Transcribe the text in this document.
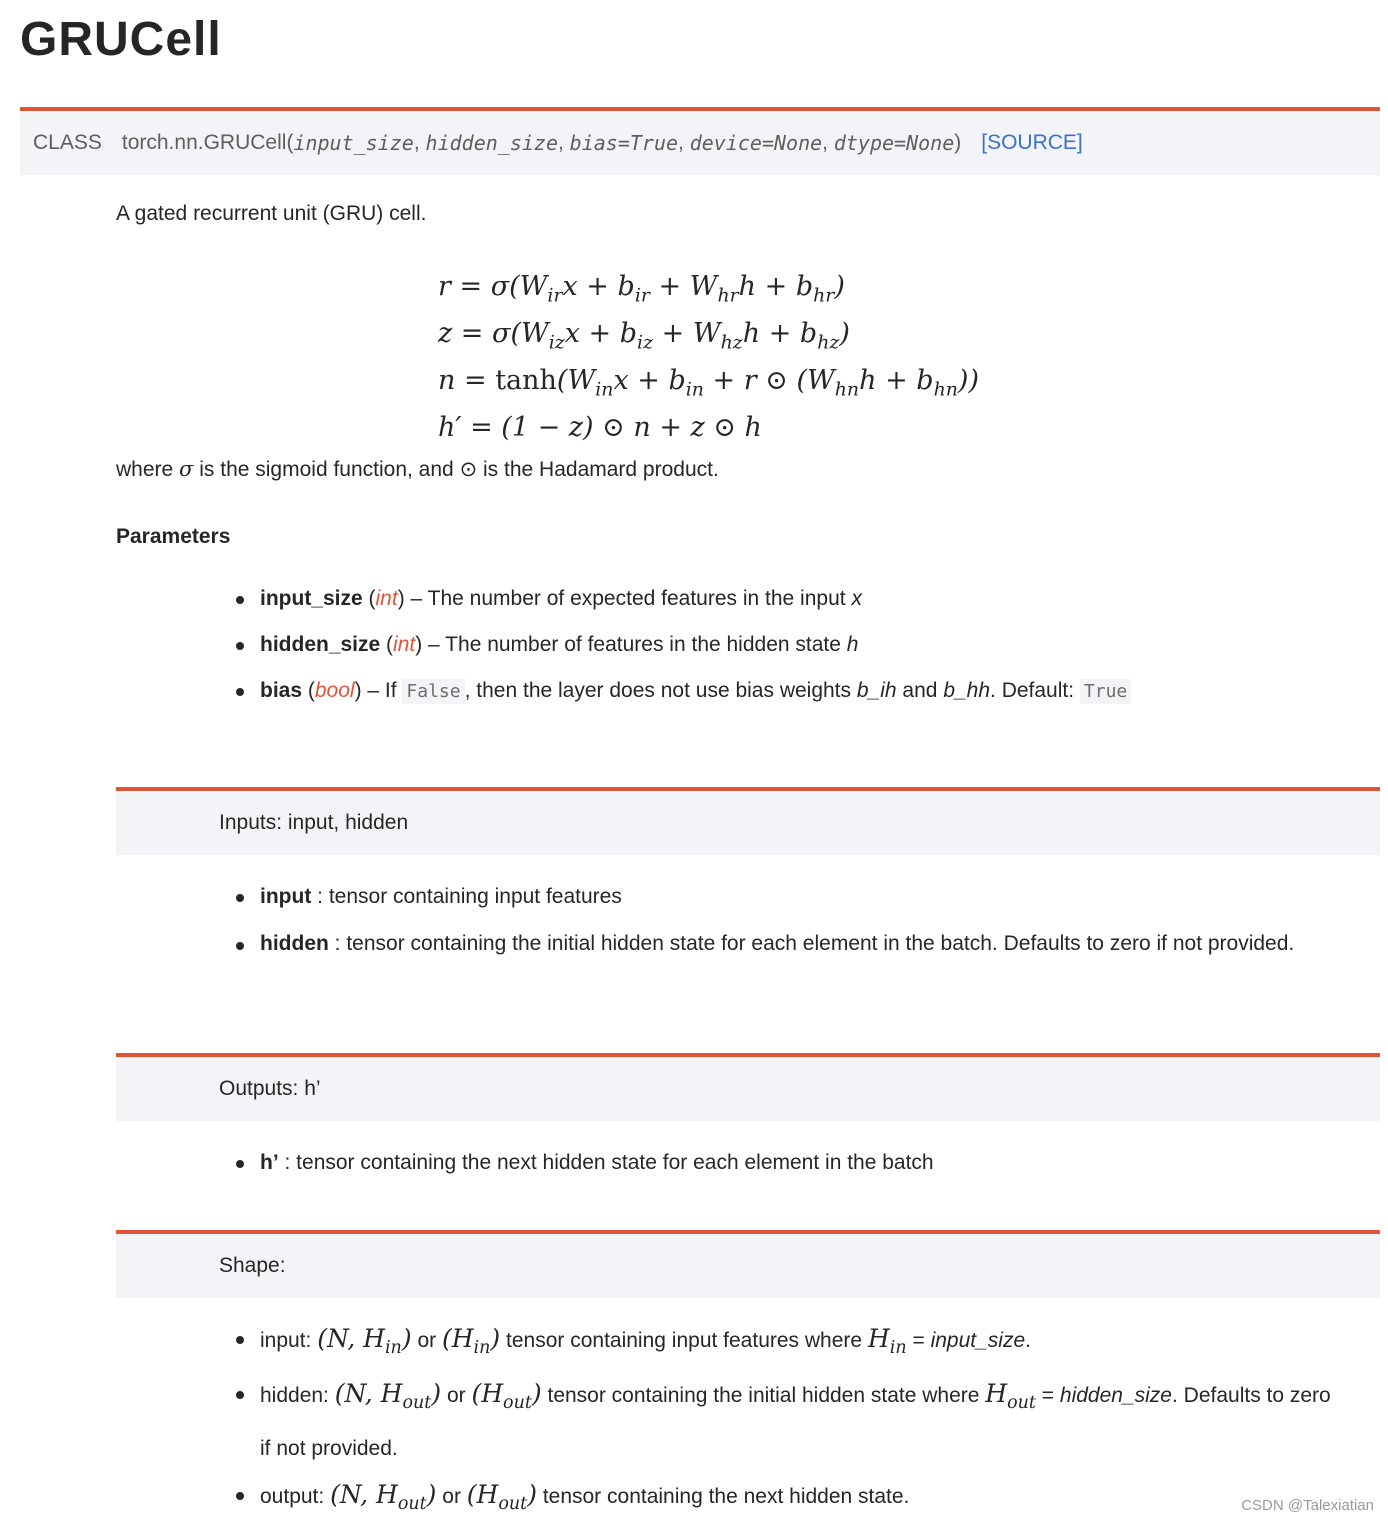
GRUCell
CLASS torch.nn.GRUCell ( input_size , hidden_size , bias=True , device=None , dtype=None ) [SOURCE]
A gated recurrent unit (GRU) cell.
$r = \sigma(W_{ir}x + b_{ir} + W_{hr}h + b_{hr})$
$z = \sigma(W_{iz}x + b_{iz} + W_{hz}h + b_{hz})$
$n = \tanh(W_{in}x + b_{in} + r$ ⊙ $(W_{hn}h + b_{hn})$)
h′ = (1 − z) ⊙ n + z ⊙ h
where σ is the sigmoid function, and ⊙ is the Hadamard product.
Parameters
input_size (int) – The number of expected features in the input x
hidden_size (int) – The number of features in the hidden state h
bias (bool) – If False , then the layer does not use bias weights b_ih and b_hh. Default: True
Inputs: input, hidden
input : tensor containing input features
hidden : tensor containing the initial hidden state for each element in the batch. Defaults to zero if not provided.
Outputs: h’
h’ : tensor containing the next hidden state for each element in the batch
Shape:
input: (N, $H_{in}$) or $(H_{in})$ tensor containing input features where $H_{in}$ = input_size.
hidden: (N, $H_{out}$) or $(H_{out})$ tensor containing the initial hidden state where $H_{out}$ = hidden_size. Defaults to zero if not provided.
output: (N, $H_{out}$) or $(H_{out})$ tensor containing the next hidden state.	CSDN @Talexiatian
